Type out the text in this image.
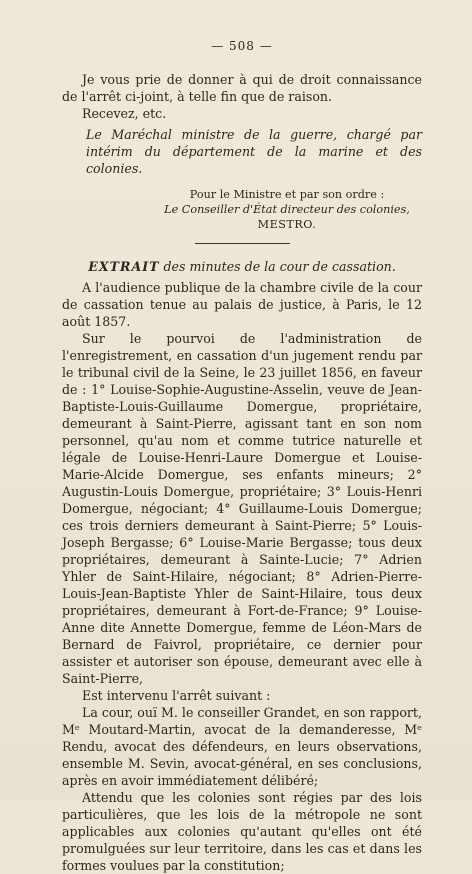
— 508 —

Je vous prie de donner à qui de droit connaissance de l'arrêt ci-joint, à telle fin que de raison.

Recevez, etc.

Le Maréchal ministre de la guerre, chargé par intérim du département de la marine et des colonies.

Pour le Ministre et par son ordre :
Le Conseiller d'État directeur des colonies,
MESTRO.

EXTRAIT des minutes de la cour de cassation.

A l'audience publique de la chambre civile de la cour de cassation tenue au palais de justice, à Paris, le 12 août 1857.

Sur le pourvoi de l'administration de l'enregistrement, en cassation d'un jugement rendu par le tribunal civil de la Seine, le 23 juillet 1856, en faveur de : 1° Louise-Sophie-Augustine-Asselin, veuve de Jean-Baptiste-Louis-Guillaume Domergue, propriétaire, demeurant à Saint-Pierre, agissant tant en son nom personnel, qu'au nom et comme tutrice naturelle et légale de Louise-Henri-Laure Domergue et Louise-Marie-Alcide Domergue, ses enfants mineurs; 2° Augustin-Louis Domergue, propriétaire; 3° Louis-Henri Domergue, négociant; 4° Guillaume-Louis Domergue; ces trois derniers demeurant à Saint-Pierre; 5° Louis-Joseph Bergasse; 6° Louise-Marie Bergasse; tous deux propriétaires, demeurant à Sainte-Lucie; 7° Adrien Yhler de Saint-Hilaire, négociant; 8° Adrien-Pierre-Louis-Jean-Baptiste Yhler de Saint-Hilaire, tous deux propriétaires, demeurant à Fort-de-France; 9° Louise-Anne dite Annette Domergue, femme de Léon-Mars de Bernard de Faivrol, propriétaire, ce dernier pour assister et autoriser son épouse, demeurant avec elle à Saint-Pierre,

Est intervenu l'arrêt suivant :

La cour, ouï M. le conseiller Grandet, en son rapport, Mᵉ Moutard-Martin, avocat de la demanderesse, Mᵉ Rendu, avocat des défendeurs, en leurs observations, ensemble M. Sevin, avocat-général, en ses conclusions, après en avoir immédiatement délibéré;

Attendu que les colonies sont régies par des lois particulières, que les lois de la métropole ne sont applicables aux colonies qu'autant qu'elles ont été promulguées sur leur territoire, dans les cas et dans les formes voulues par la constitution;
